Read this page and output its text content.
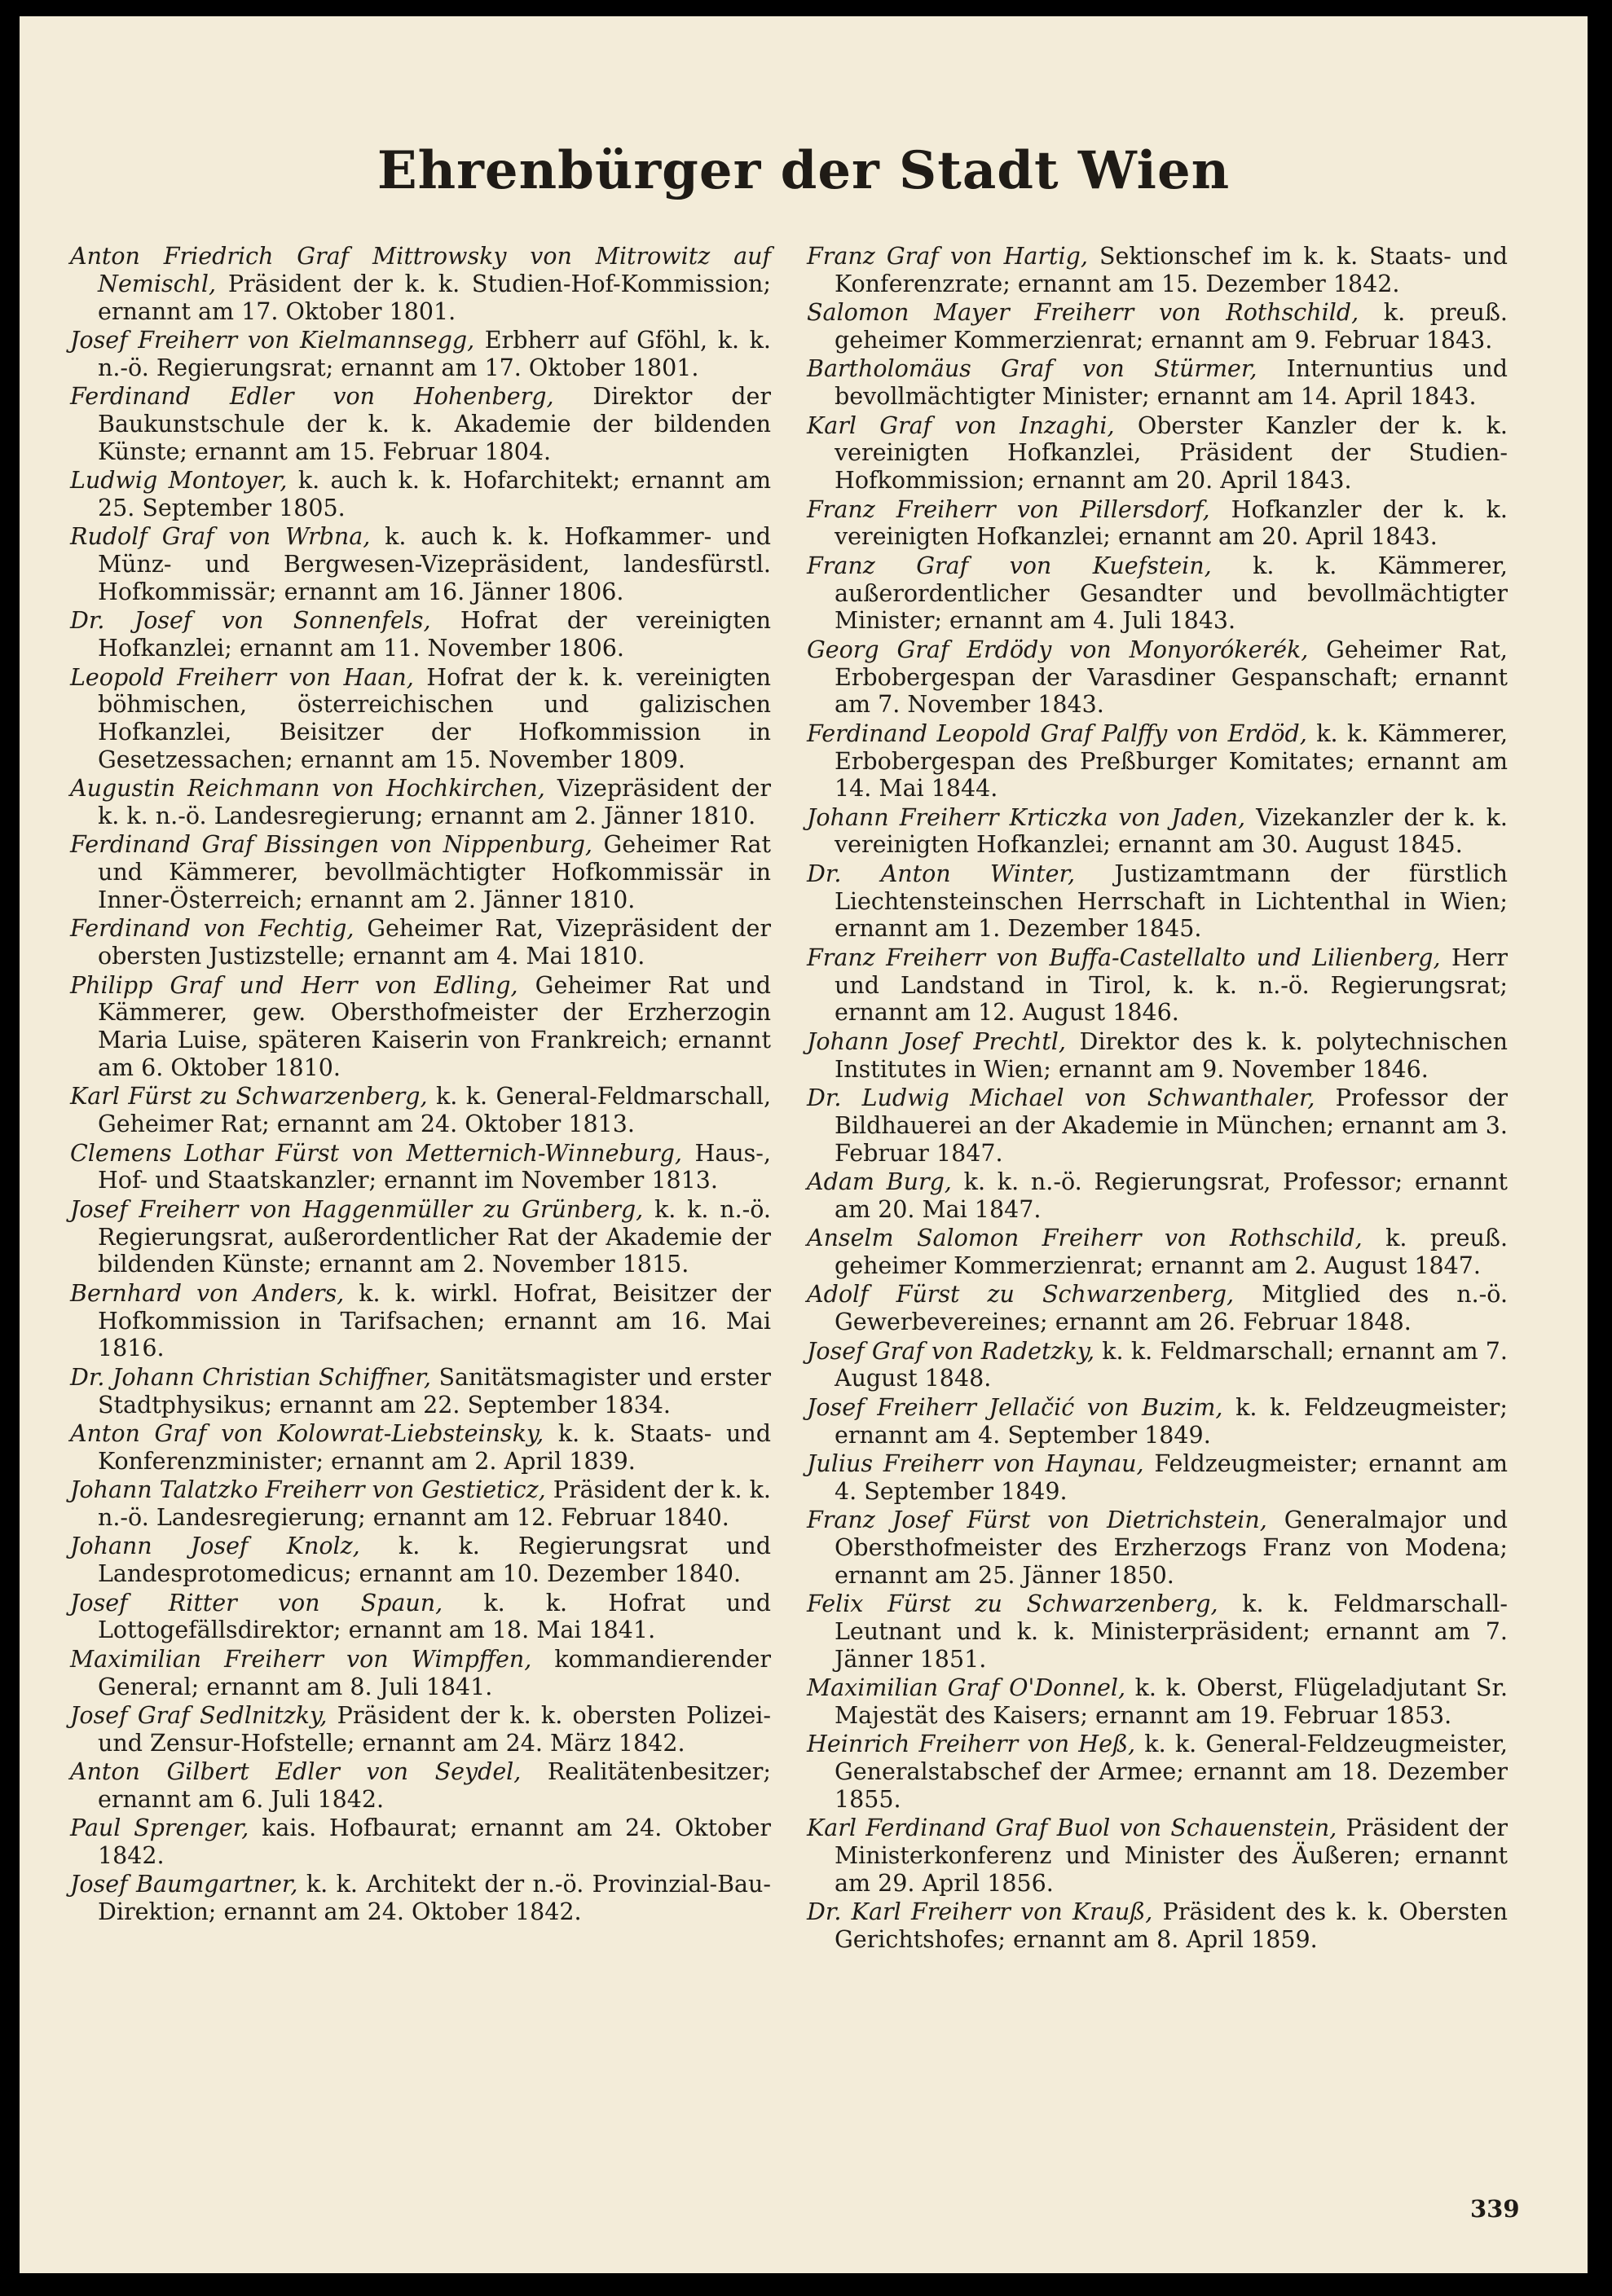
Ehrenbürger der Stadt Wien

Anton Friedrich Graf Mittrowsky von Mitrowitz auf Nemischl, Präsident der k. k. Studien-Hof-Kommission; ernannt am 17. Oktober 1801.

Josef Freiherr von Kielmannsegg, Erbherr auf Gföhl, k. k. n.-ö. Regierungsrat; ernannt am 17. Oktober 1801.

Ferdinand Edler von Hohenberg, Direktor der Baukunstschule der k. k. Akademie der bildenden Künste; ernannt am 15. Februar 1804.

Ludwig Montoyer, k. auch k. k. Hofarchitekt; ernannt am 25. September 1805.

Rudolf Graf von Wrbna, k. auch k. k. Hofkammer- und Münz- und Bergwesen-Vizepräsident, landesfürstl. Hofkommissär; ernannt am 16. Jänner 1806.

Dr. Josef von Sonnenfels, Hofrat der vereinigten Hofkanzlei; ernannt am 11. November 1806.

Leopold Freiherr von Haan, Hofrat der k. k. vereinigten böhmischen, österreichischen und galizischen Hofkanzlei, Beisitzer der Hofkommission in Gesetzessachen; ernannt am 15. November 1809.

Augustin Reichmann von Hochkirchen, Vizepräsident der k. k. n.-ö. Landesregierung; ernannt am 2. Jänner 1810.

Ferdinand Graf Bissingen von Nippenburg, Geheimer Rat und Kämmerer, bevollmächtigter Hofkommissär in Inner-Österreich; ernannt am 2. Jänner 1810.

Ferdinand von Fechtig, Geheimer Rat, Vizepräsident der obersten Justizstelle; ernannt am 4. Mai 1810.

Philipp Graf und Herr von Edling, Geheimer Rat und Kämmerer, gew. Obersthofmeister der Erzherzogin Maria Luise, späteren Kaiserin von Frankreich; ernannt am 6. Oktober 1810.

Karl Fürst zu Schwarzenberg, k. k. General-Feldmarschall, Geheimer Rat; ernannt am 24. Oktober 1813.

Clemens Lothar Fürst von Metternich-Winneburg, Haus-, Hof- und Staatskanzler; ernannt im November 1813.

Josef Freiherr von Haggenmüller zu Grünberg, k. k. n.-ö. Regierungsrat, außerordentlicher Rat der Akademie der bildenden Künste; ernannt am 2. November 1815.

Bernhard von Anders, k. k. wirkl. Hofrat, Beisitzer der Hofkommission in Tarifsachen; ernannt am 16. Mai 1816.

Dr. Johann Christian Schiffner, Sanitätsmagister und erster Stadtphysikus; ernannt am 22. September 1834.

Anton Graf von Kolowrat-Liebsteinsky, k. k. Staats- und Konferenzminister; ernannt am 2. April 1839.

Johann Talatzko Freiherr von Gestieticz, Präsident der k. k. n.-ö. Landesregierung; ernannt am 12. Februar 1840.

Johann Josef Knolz, k. k. Regierungsrat und Landesprotomedicus; ernannt am 10. Dezember 1840.

Josef Ritter von Spaun, k. k. Hofrat und Lottogefällsdirektor; ernannt am 18. Mai 1841.

Maximilian Freiherr von Wimpffen, kommandierender General; ernannt am 8. Juli 1841.

Josef Graf Sedlnitzky, Präsident der k. k. obersten Polizei- und Zensur-Hofstelle; ernannt am 24. März 1842.

Anton Gilbert Edler von Seydel, Realitätenbesitzer; ernannt am 6. Juli 1842.

Paul Sprenger, kais. Hofbaurat; ernannt am 24. Oktober 1842.

Josef Baumgartner, k. k. Architekt der n.-ö. Provinzial-Bau-Direktion; ernannt am 24. Oktober 1842.

Franz Graf von Hartig, Sektionschef im k. k. Staats- und Konferenzrate; ernannt am 15. Dezember 1842.

Salomon Mayer Freiherr von Rothschild, k. preuß. geheimer Kommerzienrat; ernannt am 9. Februar 1843.

Bartholomäus Graf von Stürmer, Internuntius und bevollmächtigter Minister; ernannt am 14. April 1843.

Karl Graf von Inzaghi, Oberster Kanzler der k. k. vereinigten Hofkanzlei, Präsident der Studien-Hofkommission; ernannt am 20. April 1843.

Franz Freiherr von Pillersdorf, Hofkanzler der k. k. vereinigten Hofkanzlei; ernannt am 20. April 1843.

Franz Graf von Kuefstein, k. k. Kämmerer, außerordentlicher Gesandter und bevollmächtigter Minister; ernannt am 4. Juli 1843.

Georg Graf Erdödy von Monyorókerék, Geheimer Rat, Erbobergespan der Varasdiner Gespanschaft; ernannt am 7. November 1843.

Ferdinand Leopold Graf Palffy von Erdöd, k. k. Kämmerer, Erbobergespan des Preßburger Komitates; ernannt am 14. Mai 1844.

Johann Freiherr Krticzka von Jaden, Vizekanzler der k. k. vereinigten Hofkanzlei; ernannt am 30. August 1845.

Dr. Anton Winter, Justizamtmann der fürstlich Liechtensteinschen Herrschaft in Lichtenthal in Wien; ernannt am 1. Dezember 1845.

Franz Freiherr von Buffa-Castellalto und Lilienberg, Herr und Landstand in Tirol, k. k. n.-ö. Regierungsrat; ernannt am 12. August 1846.

Johann Josef Prechtl, Direktor des k. k. polytechnischen Institutes in Wien; ernannt am 9. November 1846.

Dr. Ludwig Michael von Schwanthaler, Professor der Bildhauerei an der Akademie in München; ernannt am 3. Februar 1847.

Adam Burg, k. k. n.-ö. Regierungsrat, Professor; ernannt am 20. Mai 1847.

Anselm Salomon Freiherr von Rothschild, k. preuß. geheimer Kommerzienrat; ernannt am 2. August 1847.

Adolf Fürst zu Schwarzenberg, Mitglied des n.-ö. Gewerbevereines; ernannt am 26. Februar 1848.

Josef Graf von Radetzky, k. k. Feldmarschall; ernannt am 7. August 1848.

Josef Freiherr Jellačić von Buzim, k. k. Feldzeugmeister; ernannt am 4. September 1849.

Julius Freiherr von Haynau, Feldzeugmeister; ernannt am 4. September 1849.

Franz Josef Fürst von Dietrichstein, Generalmajor und Obersthofmeister des Erzherzogs Franz von Modena; ernannt am 25. Jänner 1850.

Felix Fürst zu Schwarzenberg, k. k. Feldmarschall-Leutnant und k. k. Ministerpräsident; ernannt am 7. Jänner 1851.

Maximilian Graf O'Donnel, k. k. Oberst, Flügeladjutant Sr. Majestät des Kaisers; ernannt am 19. Februar 1853.

Heinrich Freiherr von Heß, k. k. General-Feldzeugmeister, Generalstabschef der Armee; ernannt am 18. Dezember 1855.

Karl Ferdinand Graf Buol von Schauenstein, Präsident der Ministerkonferenz und Minister des Äußeren; ernannt am 29. April 1856.

Dr. Karl Freiherr von Krauß, Präsident des k. k. Obersten Gerichtshofes; ernannt am 8. April 1859.

339
